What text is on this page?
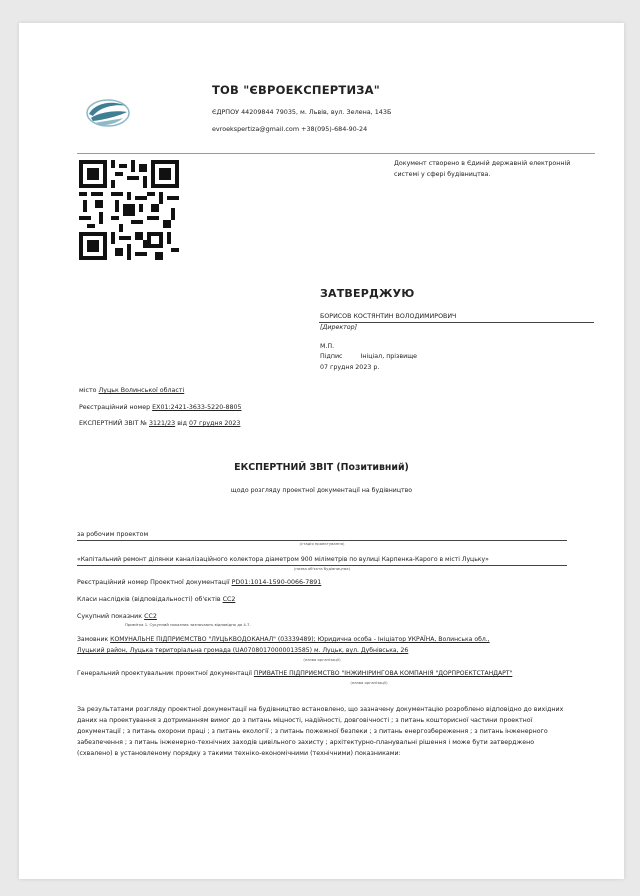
ТОВ "ЄВРОЕКСПЕРТИЗА"
ЄДРПОУ 44209844 79035, м. Львів, вул. Зелена, 143Б
evroekspertiza@gmail.com +38(095)-684-90-24
Документ створено в Єдиній державній електронній системі у сфері будівництва.
ЗАТВЕРДЖУЮ
БОРИСОВ КОСТЯНТИН ВОЛОДИМИРОВИЧ
[Директор]
М.П.
Підпис	Ініціал, прізвище
07 грудня 2023 р.
місто Луцьк Волинської області
Реєстраційний номер ЕХ01:2421-3633-5220-8805
ЕКСПЕРТНИЙ ЗВІТ № 3121/23 від 07 грудня 2023
ЕКСПЕРТНИЙ ЗВІТ (Позитивний)
щодо розгляду проектної документації на будівництво
за робочим проектом
(стадія проектування)
«Капітальний ремонт ділянки каналізаційного колектора діаметром 900 міліметрів по вулиці Карпенка-Карого в місті Луцьку»
(назва об'єкта будівництва)
Реєстраційний номер Проектної документації PD01:1014-1590-0066-7891
Класи наслідків (відповідальності) об'єктів СС2
Сукупний показник СС2
Примітка 1. Сукупний показник зазначають відповідно до 4.7.
Замовник КОМУНАЛЬНЕ ПІДПРИЄМСТВО "ЛУЦЬКВОДОКАНАЛ" (03339489); Юридична особа - Ініціатор УКРАЇНА, Волинська обл.,
Луцький район, Луцька територіальна громада (UA07080170000013585) м. Луцьк, вул. Дубнівська, 26
(назва організації)
Генеральний проектувальник проектної документації ПРИВАТНЕ ПІДПРИЄМСТВО "ІНЖИНІРИНГОВА КОМПАНІЯ "ДОРПРОЕКТСТАНДАРТ"
(назва організації)
За результатами розгляду проектної документації на будівництво встановлено, що зазначену документацію розроблено відповідно до вихідних даних на проектування з дотриманням вимог до з питань міцності, надійності, довговічності ; з питань кошторисної частини проектної документації ; з питань охорони праці ; з питань екології ; з питань пожежної безпеки ; з питань енергозбереження ; з питань інженерного забезпечення ; з питань інженерно-технічних заходів цивільного захисту ; архітектурно-планувальні рішення і може бути затверджено (схвалено) в установленому порядку з такими техніко-економічними (технічними) показниками:
